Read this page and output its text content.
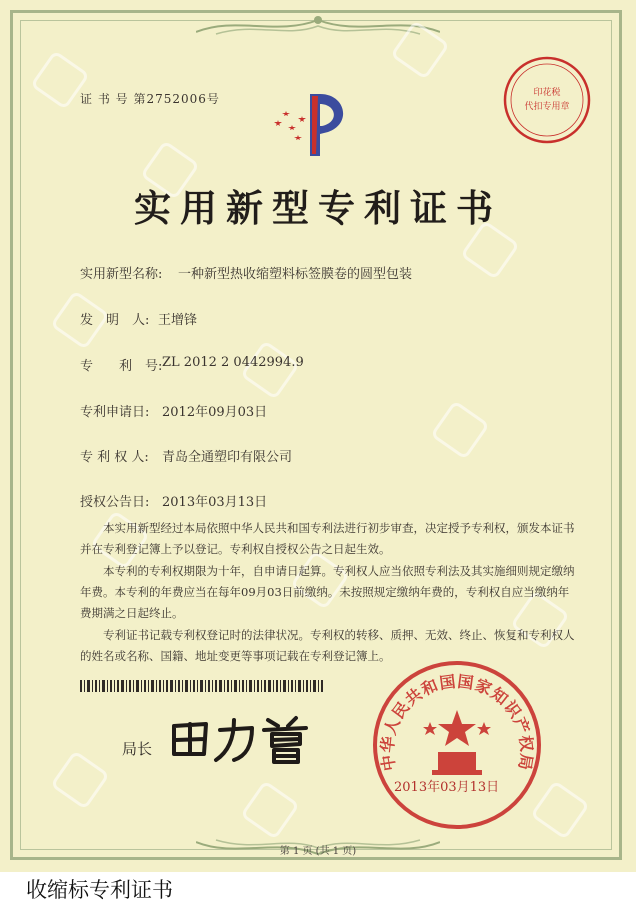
证 书 号 第2752006号	印花税
代扣专用章
实用新型专利证书
实用新型名称: 一种新型热收缩塑料标签膜卷的圆型包装
发　明　人: 王增锋
专　　利　号: ZL 2012 2 0442994.9
专利申请日: 2012年09月03日
专 利 权 人: 青岛全通塑印有限公司
授权公告日: 2013年03月13日
本实用新型经过本局依照中华人民共和国专利法进行初步审查，决定授予专利权，颁发本证书并在专利登记簿上予以登记。专利权自授权公告之日起生效。
本专利的专利权期限为十年，自申请日起算。专利权人应当依照专利法及其实施细则规定缴纳年费。本专利的年费应当在每年09月03日前缴纳。未按照规定缴纳年费的，专利权自应当缴纳年费期满之日起终止。
专利证书记载专利权登记时的法律状况。专利权的转移、质押、无效、终止、恢复和专利权人的姓名或名称、国籍、地址变更等事项记载在专利登记簿上。
局长
中华人民共和国国家知识产权局
2013年03月13日
第 1 页 (共 1 页)
收缩标专利证书
